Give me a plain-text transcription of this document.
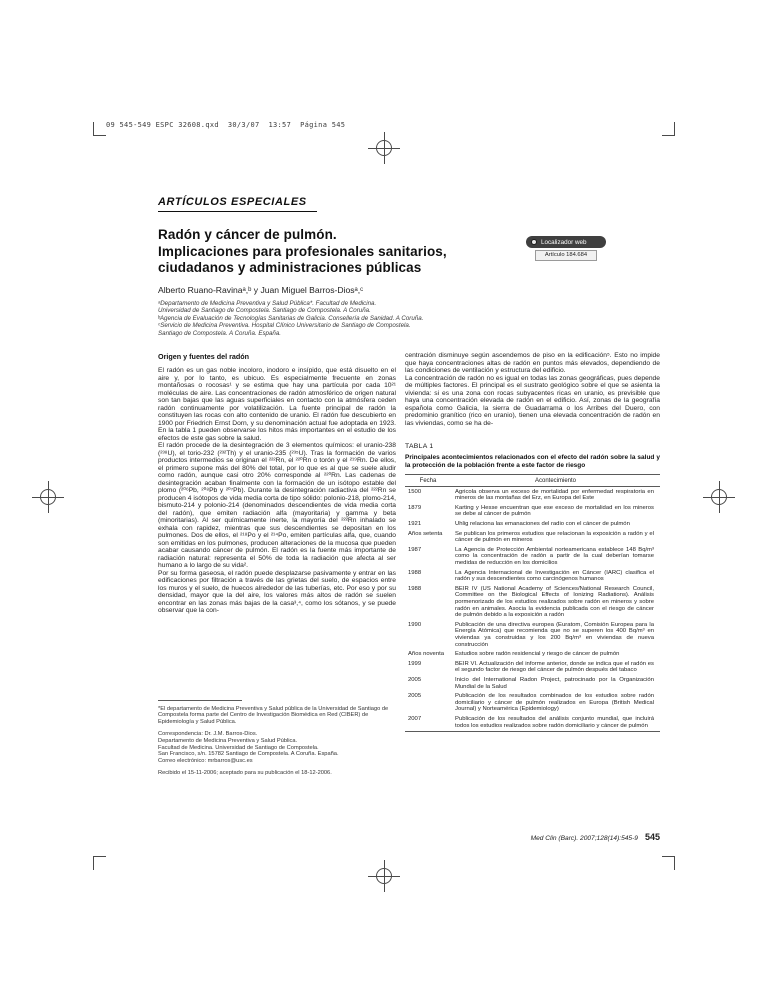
09 545-549 ESPC 32608.qxd  30/3/07  13:57  Página 545
ARTÍCULOS ESPECIALES
Radón y cáncer de pulmón.
Implicaciones para profesionales sanitarios,
ciudadanos y administraciones públicas
Localizador web
Artículo 184.684
Alberto Ruano-Ravinaᵃ,ᵇ y Juan Miguel Barros-Diosᵃ,ᶜ
ᵃDepartamento de Medicina Preventiva y Salud Pública*. Facultad de Medicina.
Universidad de Santiago de Compostela. Santiago de Compostela. A Coruña.
ᵇAgencia de Evaluación de Tecnologías Sanitarias de Galicia. Consellería de Sanidad. A Coruña.
ᶜServicio de Medicina Preventiva. Hospital Clínico Universitario de Santiago de Compostela.
Santiago de Compostela. A Coruña. España.
Origen y fuentes del radón
El radón es un gas noble incoloro, inodoro e insípido, que está disuelto en el aire y, por lo tanto, es ubicuo. Es especialmente frecuente en zonas montañosas o rocosas¹ y se estima que hay una partícula por cada 10²¹ moléculas de aire. Las concentraciones de radón atmosférico de origen natural son tan bajas que las aguas superficiales en contacto con la atmósfera ceden radón continuamente por volatilización. La fuente principal de radón la constituyen las rocas con alto contenido de uranio. El radón fue descubierto en 1900 por Friedrich Ernst Dorn, y su denominación actual fue adoptada en 1923. En la tabla 1 pueden observarse los hitos más importantes en el estudio de los efectos de este gas sobre la salud.
El radón procede de la desintegración de 3 elementos químicos: el uranio-238 (²³⁸U), el torio-232 (²³²Th) y el uranio-235 (²³⁵U). Tras la formación de varios productos intermedios se originan el ²²²Rn, el ²²⁰Rn o torón y el ²¹⁹Rn. De ellos, el primero supone más del 80% del total, por lo que es al que se suele aludir como radón, aunque casi otro 20% corresponde al ²²⁰Rn. Las cadenas de desintegración acaban finalmente con la formación de un isótopo estable del plomo (²⁰⁶Pb, ²⁰⁸Pb y ²⁰⁷Pb). Durante la desintegración radiactiva del ²²²Rn se producen 4 isótopos de vida media corta de tipo sólido: polonio-218, plomo-214, bismuto-214 y polonio-214 (denominados descendientes de vida media corta del radón), que emiten radiación alfa (mayoritaria) y gamma y beta (minoritarias). Al ser químicamente inerte, la mayoría del ²²²Rn inhalado se exhala con rapidez, mientras que sus descendientes se depositan en los pulmones. Dos de ellos, el ²¹⁸Po y el ²¹⁴Po, emiten partículas alfa, que, cuando son emitidas en los pulmones, producen alteraciones de la mucosa que pueden acabar causando cáncer de pulmón. El radón es la fuente más importante de radiación natural: representa el 50% de toda la radiación que afecta al ser humano a lo largo de su vida².
Por su forma gaseosa, el radón puede desplazarse pasivamente y entrar en las edificaciones por filtración a través de las grietas del suelo, de espacios entre los muros y el suelo, de huecos alrededor de las tuberías, etc. Por eso y por su densidad, mayor que la del aire, los valores más altos de radón se suelen encontrar en las zonas más bajas de la casa³,⁴, como los sótanos, y se puede observar que la con-
*El departamento de Medicina Preventiva y Salud pública de la Universidad de Santiago de Compostela forma parte del Centro de Investigación Biomédica en Red (CIBER) de Epidemiología y Salud Pública.
Correspondencia: Dr. J.M. Barros-Dios.
Departamento de Medicina Preventiva y Salud Pública.
Facultad de Medicina. Universidad de Santiago de Compostela.
San Francisco, s/n. 15782 Santiago de Compostela. A Coruña. España.
Correo electrónico: mrbarros@usc.es
Recibido el 15-11-2006; aceptado para su publicación el 18-12-2006.
centración disminuye según ascendemos de piso en la edificación⁵. Esto no impide que haya concentraciones altas de radón en puntos más elevados, dependiendo de las condiciones de ventilación y estructura del edificio.
La concentración de radón no es igual en todas las zonas geográficas, pues depende de múltiples factores. El principal es el sustrato geológico sobre el que se asienta la vivienda: si es una zona con rocas subyacentes ricas en uranio, es previsible que haya una concentración elevada de radón en el edificio. Así, zonas de la geografía española como Galicia, la sierra de Guadarrama o los Arribes del Duero, con predominio granítico (rico en uranio), tienen una elevada concentración de radón en las viviendas, como se ha de-
TABLA 1
Principales acontecimientos relacionados con el efecto del radón sobre la salud y la protección de la población frente a este factor de riesgo
Fecha	Acontecimiento
1500	Agricola observa un exceso de mortalidad por enfermedad respiratoria en mineros de las montañas del Erz, en Europa del Este
1879	Karting y Hesse encuentran que ese exceso de mortalidad en los mineros se debe al cáncer de pulmón
1921	Uhlig relaciona las emanaciones del radio con el cáncer de pulmón
Años setenta	Se publican los primeros estudios que relacionan la exposición a radón y el cáncer de pulmón en mineros
1987	La Agencia de Protección Ambiental norteamericana establece 148 Bq/m³ como la concentración de radón a partir de la cual deberían tomarse medidas de reducción en los domicilios
1988	La Agencia Internacional de Investigación en Cáncer (IARC) clasifica el radón y sus descendientes como carcinógenos humanos
1988	BEIR IV (US National Academy of Sciences/National Research Council, Committee on the Biological Effects of Ionizing Radiations). Análisis pormenorizado de los estudios realizados sobre radón en mineros y sobre radón en animales. Asocia la evidencia publicada con el riesgo de cáncer de pulmón debido a la exposición a radón
1990	Publicación de una directiva europea (Euratom, Comisión Europea para la Energía Atómica) que recomienda que no se superen los 400 Bq/m³ en viviendas ya construidas y los 200 Bq/m³ en viviendas de nueva construcción
Años noventa	Estudios sobre radón residencial y riesgo de cáncer de pulmón
1999	BEIR VI. Actualización del informe anterior, donde se indica que el radón es el segundo factor de riesgo del cáncer de pulmón después del tabaco
2005	Inicio del International Radon Project, patrocinado por la Organización Mundial de la Salud
2005	Publicación de los resultados combinados de los estudios sobre radón domiciliario y cáncer de pulmón realizados en Europa (British Medical Journal) y Norteamérica (Epidemiology)
2007	Publicación de los resultados del análisis conjunto mundial, que incluirá todos los estudios realizados sobre radón domiciliario y cáncer de pulmón
Med Clin (Barc). 2007;128(14):545-9 545
